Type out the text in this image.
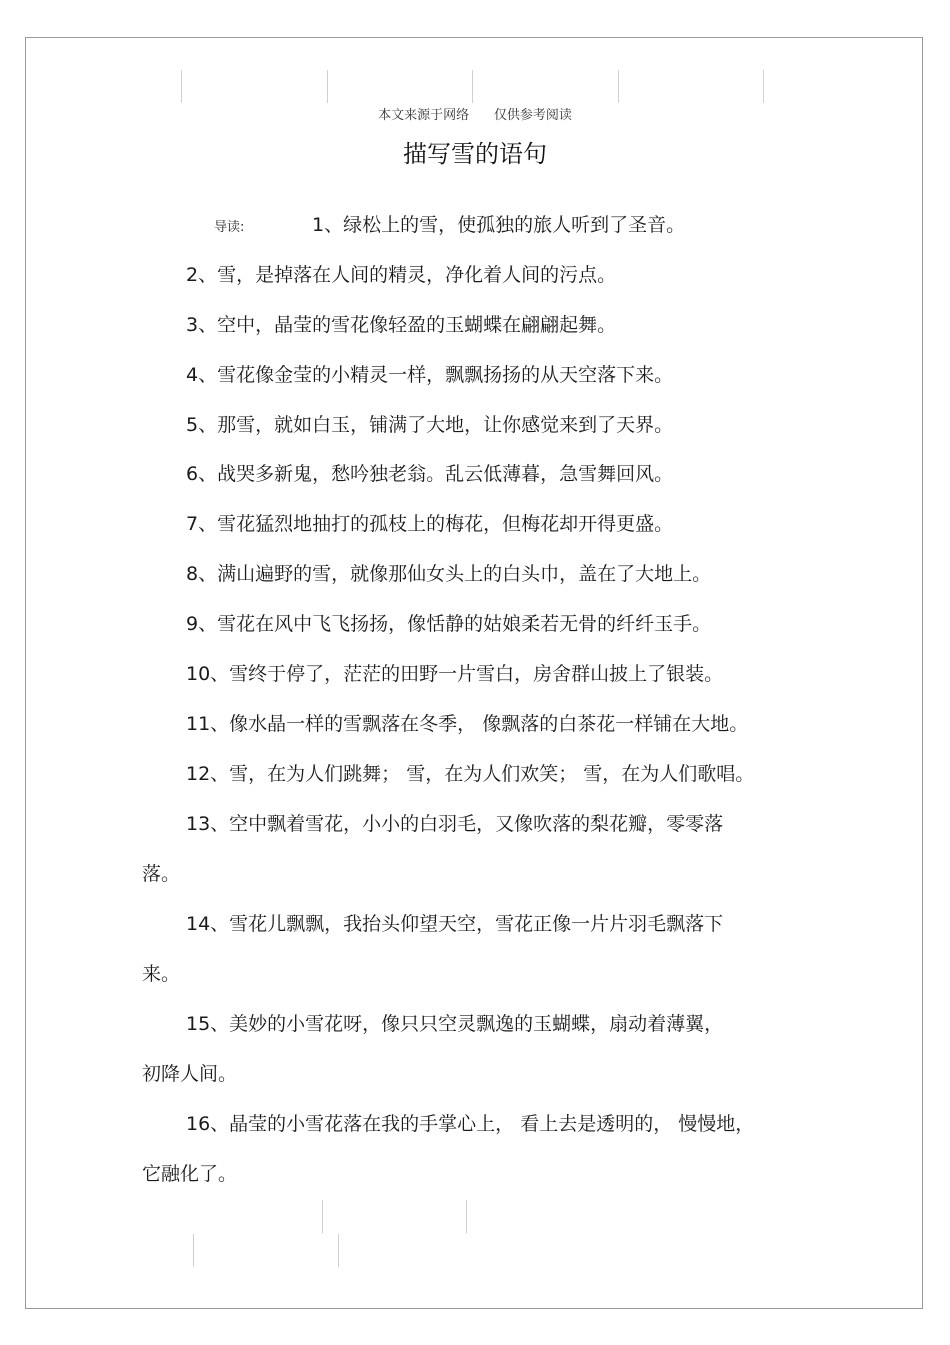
本文来源于网络      仅供参考阅读
描写雪的语句
导读:	1、绿松上的雪，使孤独的旅人听到了圣音。
2、雪，是掉落在人间的精灵，净化着人间的污点。
3、空中，晶莹的雪花像轻盈的玉蝴蝶在翩翩起舞。
4、雪花像金莹的小精灵一样，飘飘扬扬的从天空落下来。
5、那雪，就如白玉，铺满了大地，让你感觉来到了天界。
6、战哭多新鬼，愁吟独老翁。乱云低薄暮，急雪舞回风。
7、雪花猛烈地抽打的孤枝上的梅花，但梅花却开得更盛。
8、满山遍野的雪，就像那仙女头上的白头巾，盖在了大地上。
9、雪花在风中飞飞扬扬，像恬静的姑娘柔若无骨的纤纤玉手。
10、雪终于停了，茫茫的田野一片雪白，房舍群山披上了银装。
11、像水晶一样的雪飘落在冬季， 像飘落的白茶花一样铺在大地。
12、雪，在为人们跳舞； 雪，在为人们欢笑； 雪，在为人们歌唱。
13、空中飘着雪花，小小的白羽毛，又像吹落的梨花瓣，零零落
落。
14、雪花儿飘飘，我抬头仰望天空，雪花正像一片片羽毛飘落下
来。
15、美妙的小雪花呀，像只只空灵飘逸的玉蝴蝶，扇动着薄翼，
初降人间。
16、晶莹的小雪花落在我的手掌心上， 看上去是透明的， 慢慢地，
它融化了。
